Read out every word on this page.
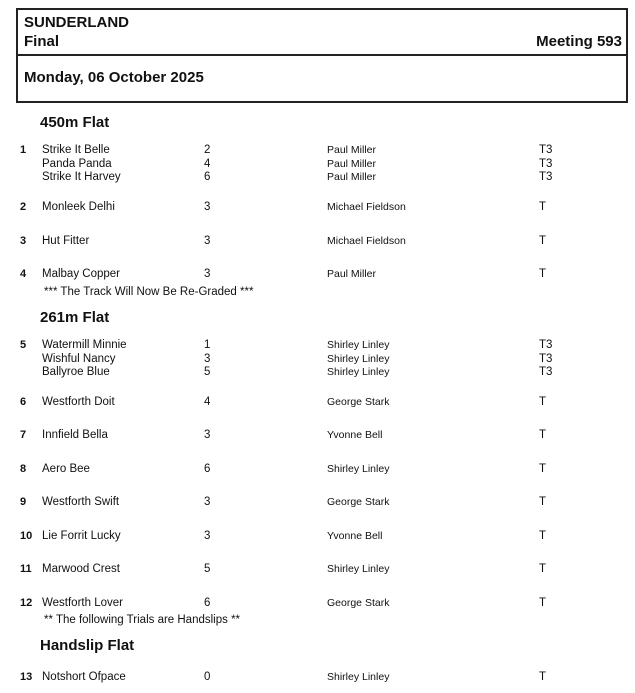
SUNDERLAND
Final	Meeting 593
Monday, 06 October 2025
450m Flat
1 Strike It Belle	2	Paul Miller	T3
Panda Panda	4	Paul Miller	T3
Strike It Harvey	6	Paul Miller	T3
2 Monleek Delhi	3	Michael Fieldson	T
3 Hut Fitter	3	Michael Fieldson	T
4 Malbay Copper	3	Paul Miller	T
*** The Track Will Now Be Re-Graded ***
261m Flat
5 Watermill Minnie	1	Shirley Linley	T3
Wishful Nancy	3	Shirley Linley	T3
Ballyroe Blue	5	Shirley Linley	T3
6 Westforth Doit	4	George Stark	T
7 Innfield Bella	3	Yvonne Bell	T
8 Aero Bee	6	Shirley Linley	T
9 Westforth Swift	3	George Stark	T
10 Lie Forrit Lucky	3	Yvonne Bell	T
11 Marwood Crest	5	Shirley Linley	T
12 Westforth Lover	6	George Stark	T
** The following Trials are Handslips **
Handslip Flat
13 Notshort Ofpace	0	Shirley Linley	T
